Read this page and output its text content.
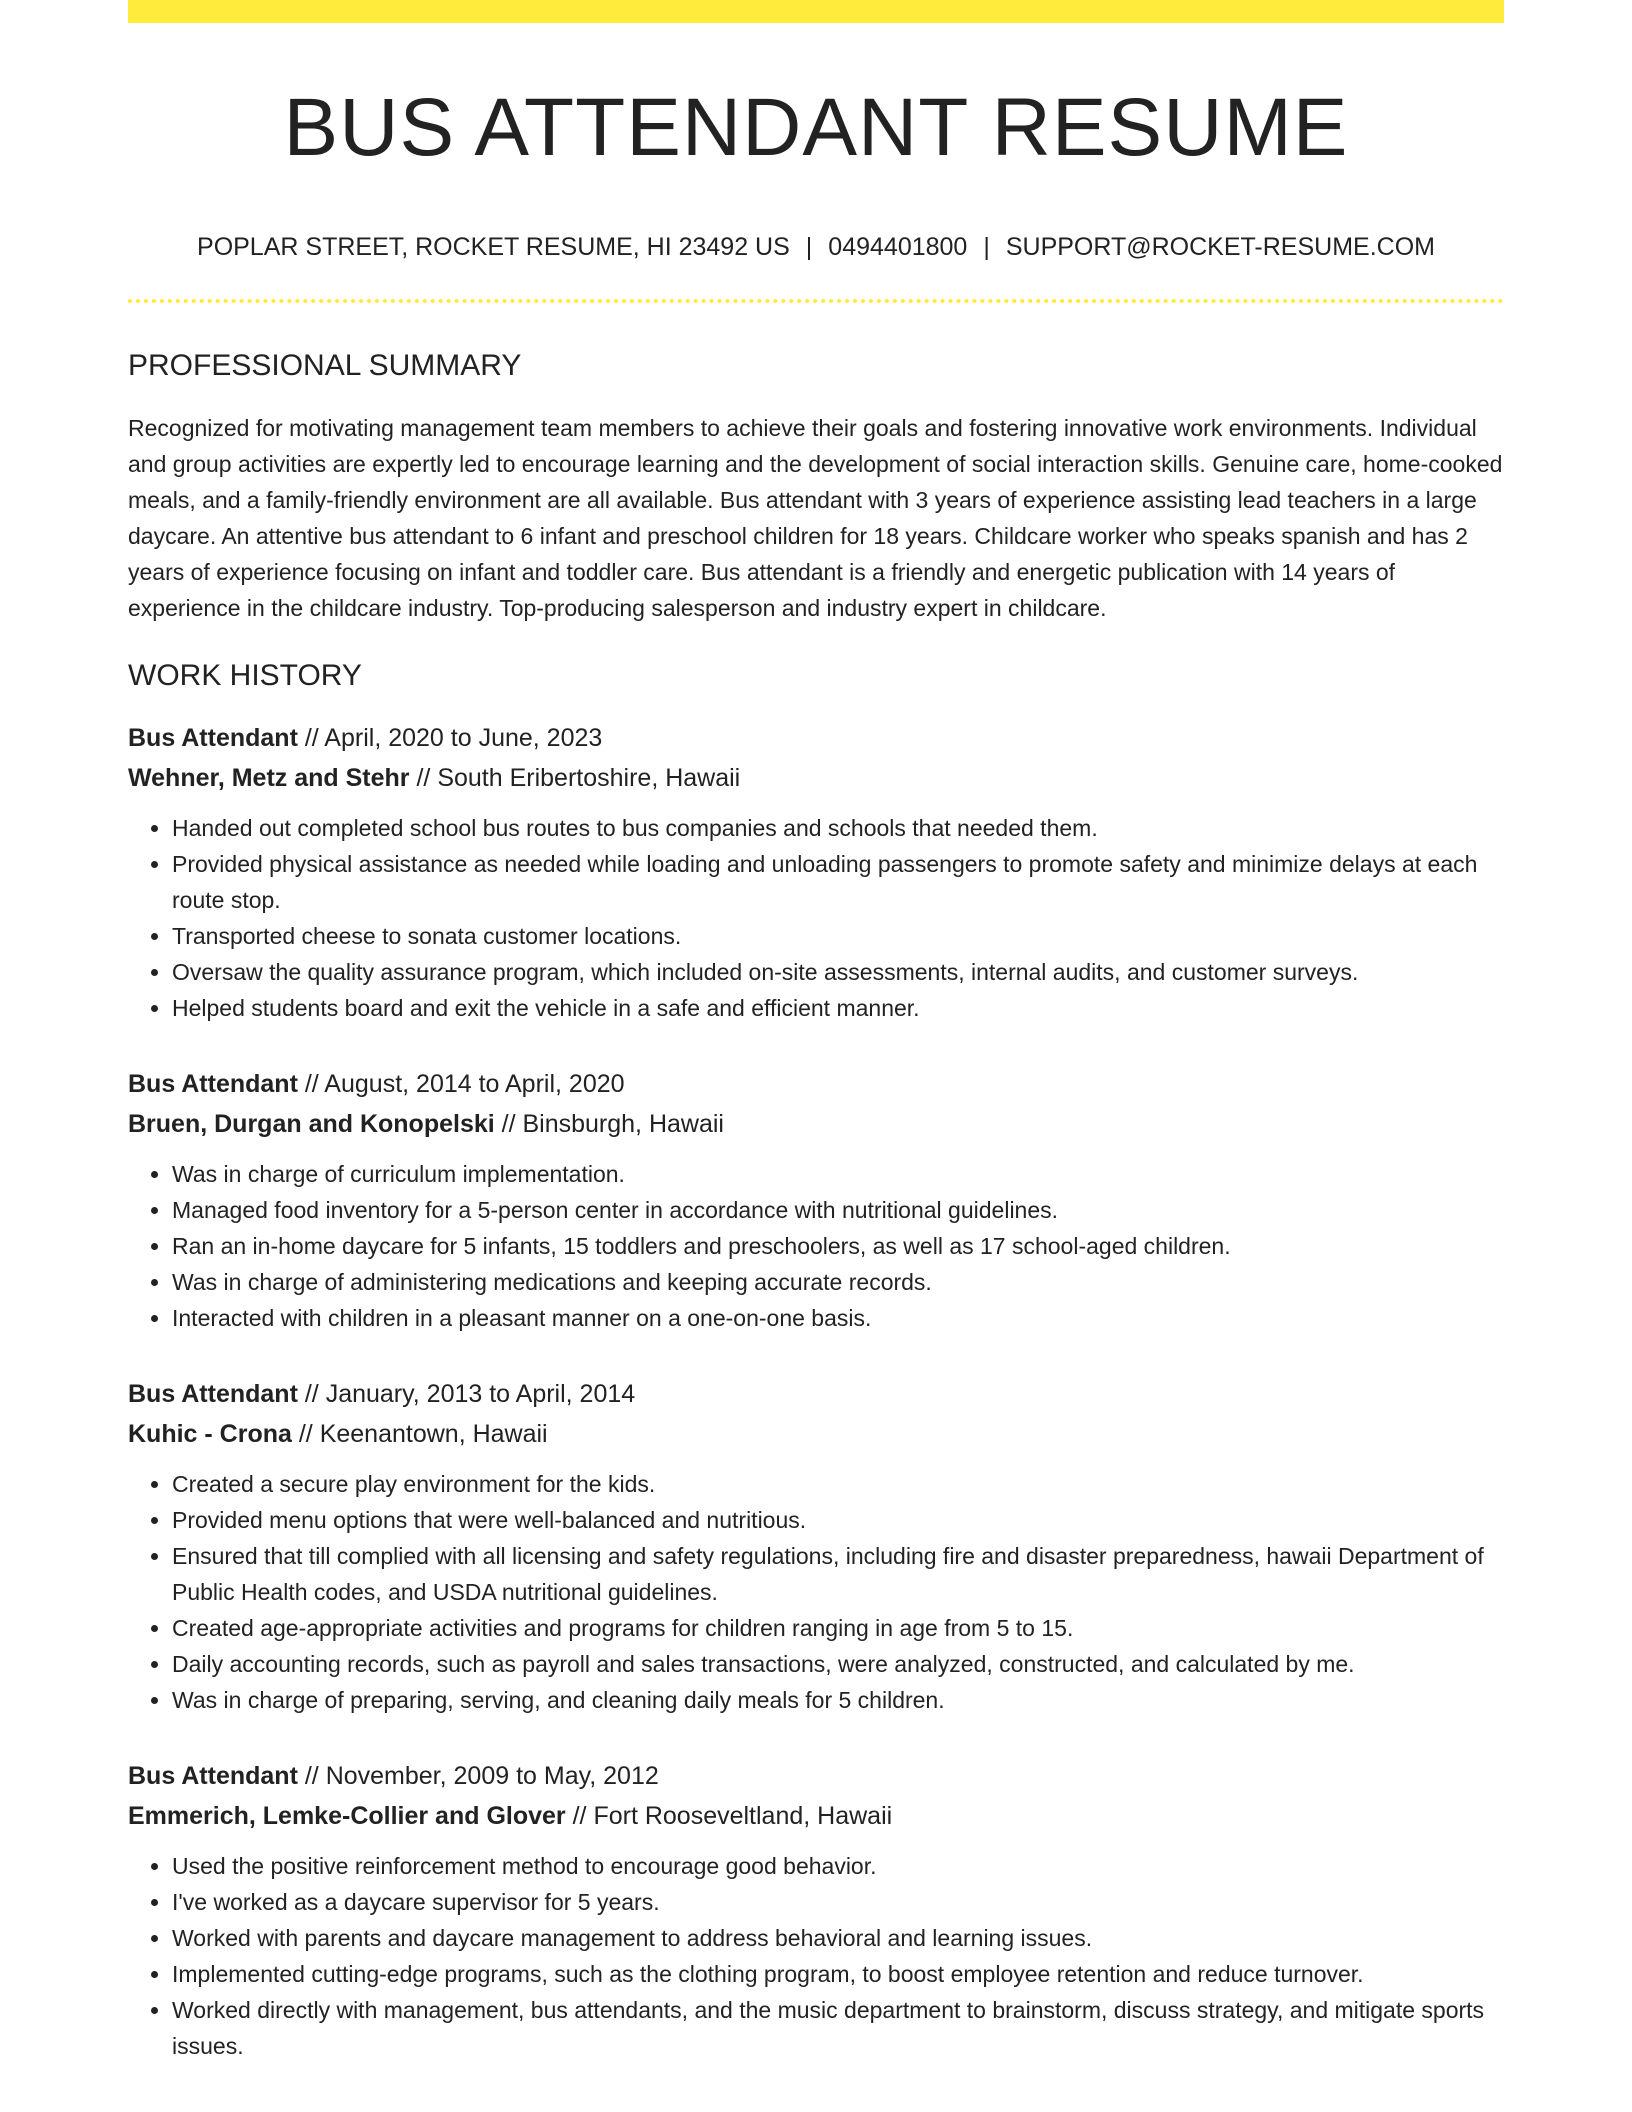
BUS ATTENDANT RESUME
POPLAR STREET, ROCKET RESUME, HI 23492 US | 0494401800 | SUPPORT@ROCKET-RESUME.COM
PROFESSIONAL SUMMARY

Recognized for motivating management team members to achieve their goals and fostering innovative work environments. Individual and group activities are expertly led to encourage learning and the development of social interaction skills. Genuine care, home-cooked meals, and a family-friendly environment are all available. Bus attendant with 3 years of experience assisting lead teachers in a large daycare. An attentive bus attendant to 6 infant and preschool children for 18 years. Childcare worker who speaks spanish and has 2 years of experience focusing on infant and toddler care. Bus attendant is a friendly and energetic publication with 14 years of experience in the childcare industry. Top-producing salesperson and industry expert in childcare.

WORK HISTORY
Bus Attendant // April, 2020 to June, 2023
Wehner, Metz and Stehr // South Eribertoshire, Hawaii
• Handed out completed school bus routes to bus companies and schools that needed them.
• Provided physical assistance as needed while loading and unloading passengers to promote safety and minimize delays at each route stop.
• Transported cheese to sonata customer locations.
• Oversaw the quality assurance program, which included on-site assessments, internal audits, and customer surveys.
• Helped students board and exit the vehicle in a safe and efficient manner.
Bus Attendant // August, 2014 to April, 2020
Bruen, Durgan and Konopelski // Binsburgh, Hawaii
• Was in charge of curriculum implementation.
• Managed food inventory for a 5-person center in accordance with nutritional guidelines.
• Ran an in-home daycare for 5 infants, 15 toddlers and preschoolers, as well as 17 school-aged children.
• Was in charge of administering medications and keeping accurate records.
• Interacted with children in a pleasant manner on a one-on-one basis.
Bus Attendant // January, 2013 to April, 2014
Kuhic - Crona // Keenantown, Hawaii
• Created a secure play environment for the kids.
• Provided menu options that were well-balanced and nutritious.
• Ensured that till complied with all licensing and safety regulations, including fire and disaster preparedness, hawaii Department of Public Health codes, and USDA nutritional guidelines.
• Created age-appropriate activities and programs for children ranging in age from 5 to 15.
• Daily accounting records, such as payroll and sales transactions, were analyzed, constructed, and calculated by me.
• Was in charge of preparing, serving, and cleaning daily meals for 5 children.
Bus Attendant // November, 2009 to May, 2012
Emmerich, Lemke-Collier and Glover // Fort Rooseveltland, Hawaii
• Used the positive reinforcement method to encourage good behavior.
• I've worked as a daycare supervisor for 5 years.
• Worked with parents and daycare management to address behavioral and learning issues.
• Implemented cutting-edge programs, such as the clothing program, to boost employee retention and reduce turnover.
• Worked directly with management, bus attendants, and the music department to brainstorm, discuss strategy, and mitigate sports issues.
